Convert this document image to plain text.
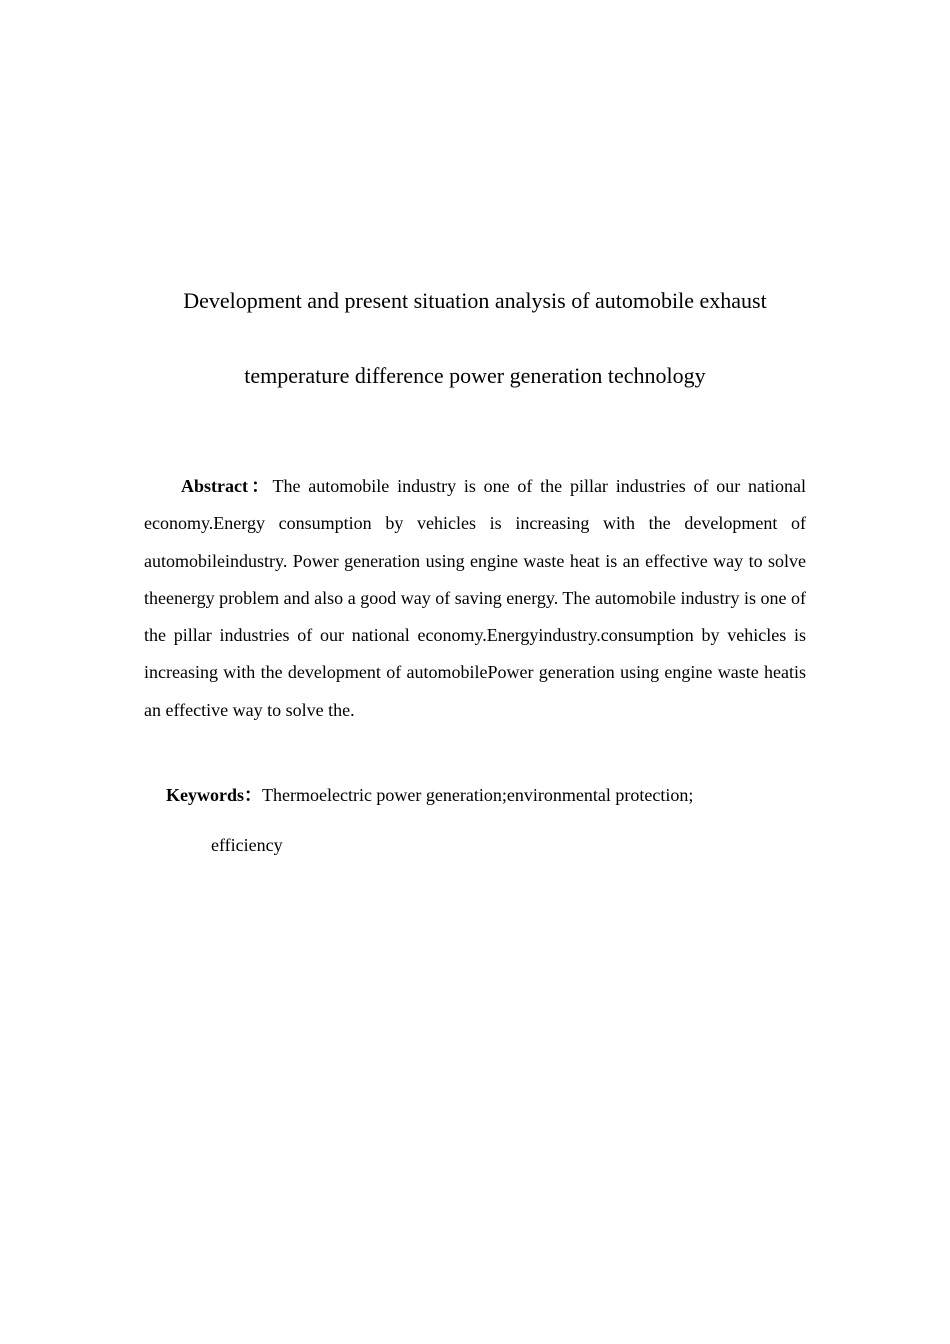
Development and present situation analysis of automobile exhaust
temperature difference power generation technology

Abstract：The automobile industry is one of the pillar industries of our national economy.Energy consumption by vehicles is increasing with the development of automobileindustry. Power generation using engine waste heat is an effective way to solve theenergy problem and also a good way of saving energy. The automobile industry is one of the pillar industries of our national economy.Energyindustry.consumption by vehicles is increasing with the development of automobilePower generation using engine waste heatis an effective way to solve the.

Keywords：Thermoelectric power generation;environmental protection;

efficiency
